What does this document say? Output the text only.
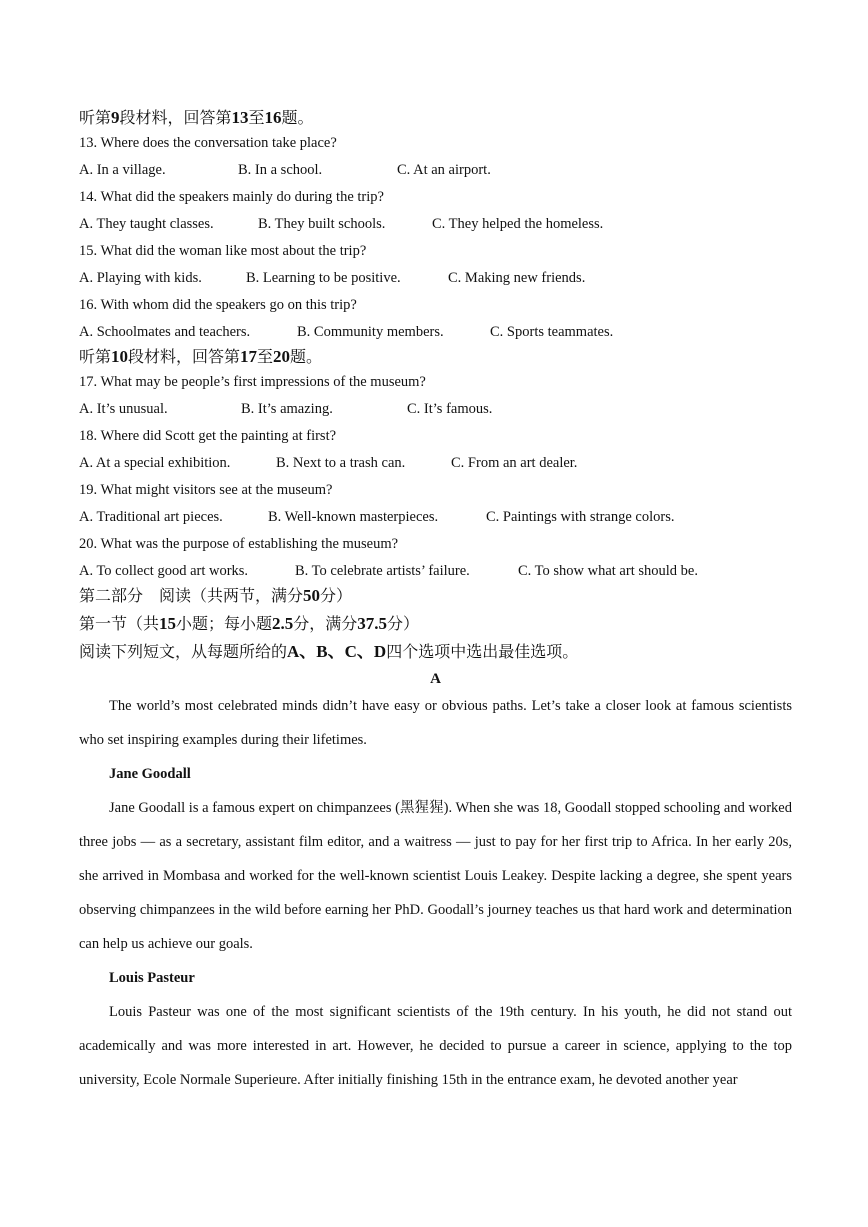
听第9段材料，回答第13至16题。

13. Where does the conversation take place?

A. In a village.	B. In a school.	C. At an airport.

14. What did the speakers mainly do during the trip?

A. They taught classes.	B. They built schools.	C. They helped the homeless.

15. What did the woman like most about the trip?

A. Playing with kids.	B. Learning to be positive.	C. Making new friends.

16. With whom did the speakers go on this trip?

A. Schoolmates and teachers.	B. Community members.	C. Sports teammates.
听第10段材料，回答第17至20题。

17. What may be people’s first impressions of the museum?

A. It’s unusual.	B. It’s amazing.	C. It’s famous.

18. Where did Scott get the painting at first?

A. At a special exhibition.	B. Next to a trash can.	C. From an art dealer.

19. What might visitors see at the museum?

A. Traditional art pieces.	B. Well-known masterpieces.	C. Paintings with strange colors.

20. What was the purpose of establishing the museum?

A. To collect good art works.	B. To celebrate artists’ failure.	C. To show what art should be.
第二部分　阅读（共两节，满分50分）
第一节（共15小题；每小题2.5分，满分37.5分）
阅读下列短文，从每题所给的A、B、C、D四个选项中选出最佳选项。
A

The world’s most celebrated minds didn’t have easy or obvious paths. Let’s take a closer look at famous scientists who set inspiring examples during their lifetimes.

Jane Goodall

Jane Goodall is a famous expert on chimpanzees (黑猩猩). When she was 18, Goodall stopped schooling and worked three jobs — as a secretary, assistant film editor, and a waitress — just to pay for her first trip to Africa. In her early 20s, she arrived in Mombasa and worked for the well-known scientist Louis Leakey. Despite lacking a degree, she spent years observing chimpanzees in the wild before earning her PhD. Goodall’s journey teaches us that hard work and determination can help us achieve our goals.

Louis Pasteur

Louis Pasteur was one of the most significant scientists of the 19th century. In his youth, he did not stand out academically and was more interested in art. However, he decided to pursue a career in science, applying to the top university, Ecole Normale Superieure. After initially finishing 15th in the entrance exam, he devoted another year
